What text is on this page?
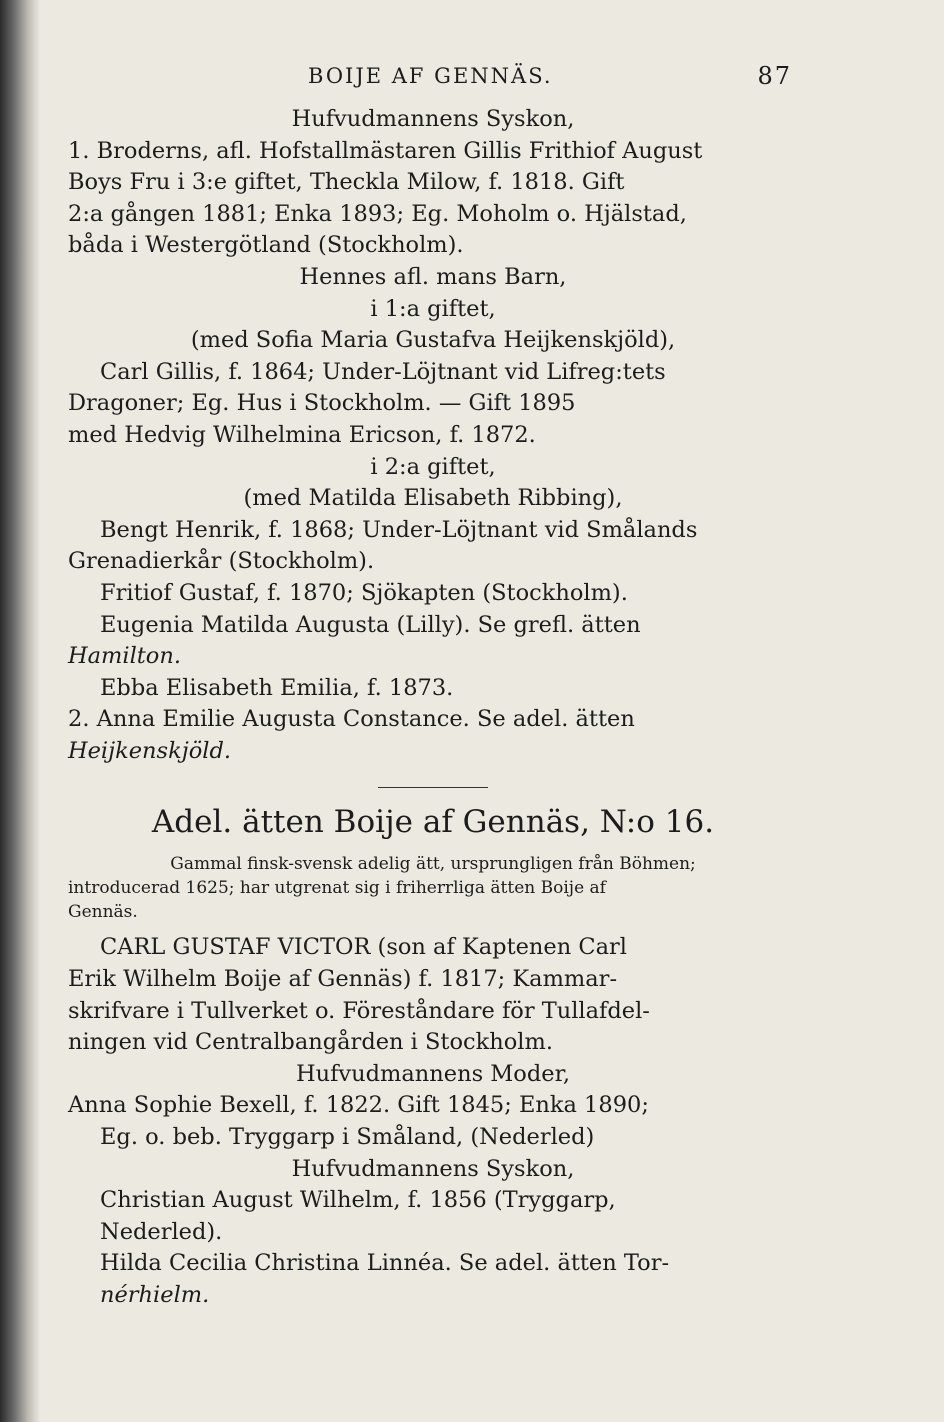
BOIJE AF GENNÄS.	87
Hufvudmannens Syskon,
1. Broderns, afl. Hofstallmästaren Gillis Frithiof August
Boys Fru i 3:e giftet, Theckla Milow, f. 1818. Gift
2:a gången 1881; Enka 1893; Eg. Moholm o. Hjälstad,
båda i Westergötland (Stockholm).
Hennes afl. mans Barn,
i 1:a giftet,
(med Sofia Maria Gustafva Heijkenskjöld),
Carl Gillis, f. 1864; Under-Löjtnant vid Lifreg:tets
Dragoner; Eg. Hus i Stockholm. — Gift 1895
med Hedvig Wilhelmina Ericson, f. 1872.
i 2:a giftet,
(med Matilda Elisabeth Ribbing),
Bengt Henrik, f. 1868; Under-Löjtnant vid Smålands
Grenadierkår (Stockholm).
Fritiof Gustaf, f. 1870; Sjökapten (Stockholm).
Eugenia Matilda Augusta (Lilly). Se grefl. ätten
Hamilton.
Ebba Elisabeth Emilia, f. 1873.
2. Anna Emilie Augusta Constance. Se adel. ätten
Heijkenskjöld.
Adel. ätten Boije af Gennäs, N:o 16.
Gammal finsk-svensk adelig ätt, ursprungligen från Böhmen;
introducerad 1625; har utgrenat sig i friherrliga ätten Boije af
Gennäs.
CARL GUSTAF VICTOR (son af Kaptenen Carl
Erik Wilhelm Boije af Gennäs) f. 1817; Kammar-
skrifvare i Tullverket o. Föreståndare för Tullafdel-
ningen vid Centralbangården i Stockholm.
Hufvudmannens Moder,
Anna Sophie Bexell, f. 1822. Gift 1845; Enka 1890;
Eg. o. beb. Tryggarp i Småland, (Nederled)
Hufvudmannens Syskon,
Christian August Wilhelm, f. 1856 (Tryggarp,
Nederled).
Hilda Cecilia Christina Linnéa. Se adel. ätten Tor-
nérhielm.
